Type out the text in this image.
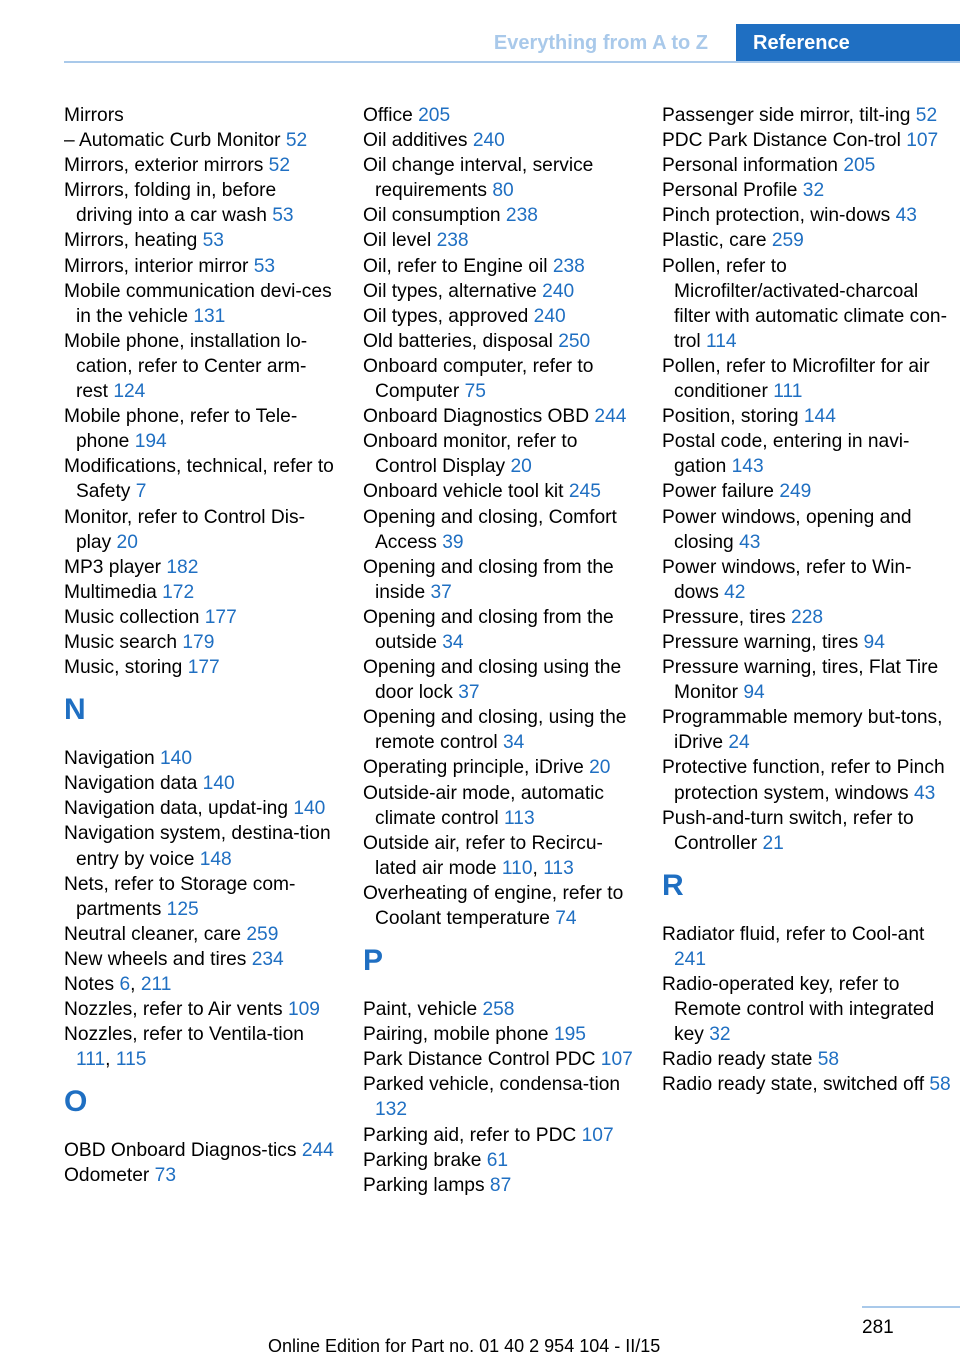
Everything from A to Z	Reference
Mirrors
– Automatic Curb Monitor 52
Mirrors, exterior mirrors 52
Mirrors, folding in, before driving into a car wash 53
Mirrors, heating 53
Mirrors, interior mirror 53
Mobile communication devi‐ces in the vehicle 131
Mobile phone, installation lo‐cation, refer to Center arm‐rest 124
Mobile phone, refer to Tele‐phone 194
Modifications, technical, refer to Safety 7
Monitor, refer to Control Dis‐play 20
MP3 player 182
Multimedia 172
Music collection 177
Music search 179
Music, storing 177
N
Navigation 140
Navigation data 140
Navigation data, updat‐ing 140
Navigation system, destina‐tion entry by voice 148
Nets, refer to Storage com‐partments 125
Neutral cleaner, care 259
New wheels and tires 234
Notes 6, 211
Nozzles, refer to Air vents 109
Nozzles, refer to Ventila‐tion 111, 115
O
OBD Onboard Diagnos‐tics 244
Odometer 73
Office 205
Oil additives 240
Oil change interval, service requirements 80
Oil consumption 238
Oil level 238
Oil, refer to Engine oil 238
Oil types, alternative 240
Oil types, approved 240
Old batteries, disposal 250
Onboard computer, refer to Computer 75
Onboard Diagnostics OBD 244
Onboard monitor, refer to Control Display 20
Onboard vehicle tool kit 245
Opening and closing, Comfort Access 39
Opening and closing from the inside 37
Opening and closing from the outside 34
Opening and closing using the door lock 37
Opening and closing, using the remote control 34
Operating principle, iDrive 20
Outside-air mode, automatic climate control 113
Outside air, refer to Recircu‐lated air mode 110, 113
Overheating of engine, refer to Coolant temperature 74
P
Paint, vehicle 258
Pairing, mobile phone 195
Park Distance Control PDC 107
Parked vehicle, condensa‐tion 132
Parking aid, refer to PDC 107
Parking brake 61
Parking lamps 87
Passenger side mirror, tilt‐ing 52
PDC Park Distance Con‐trol 107
Personal information 205
Personal Profile 32
Pinch protection, win‐dows 43
Plastic, care 259
Pollen, refer to Microfilter/activated-charcoal filter with automatic climate con‐trol 114
Pollen, refer to Microfilter for air conditioner 111
Position, storing 144
Postal code, entering in navi‐gation 143
Power failure 249
Power windows, opening and closing 43
Power windows, refer to Win‐dows 42
Pressure, tires 228
Pressure warning, tires 94
Pressure warning, tires, Flat Tire Monitor 94
Programmable memory but‐tons, iDrive 24
Protective function, refer to Pinch protection system, windows 43
Push-and-turn switch, refer to Controller 21
R
Radiator fluid, refer to Cool‐ant 241
Radio-operated key, refer to Remote control with integrated key 32
Radio ready state 58
Radio ready state, switched off 58
281
Online Edition for Part no. 01 40 2 954 104 - II/15
